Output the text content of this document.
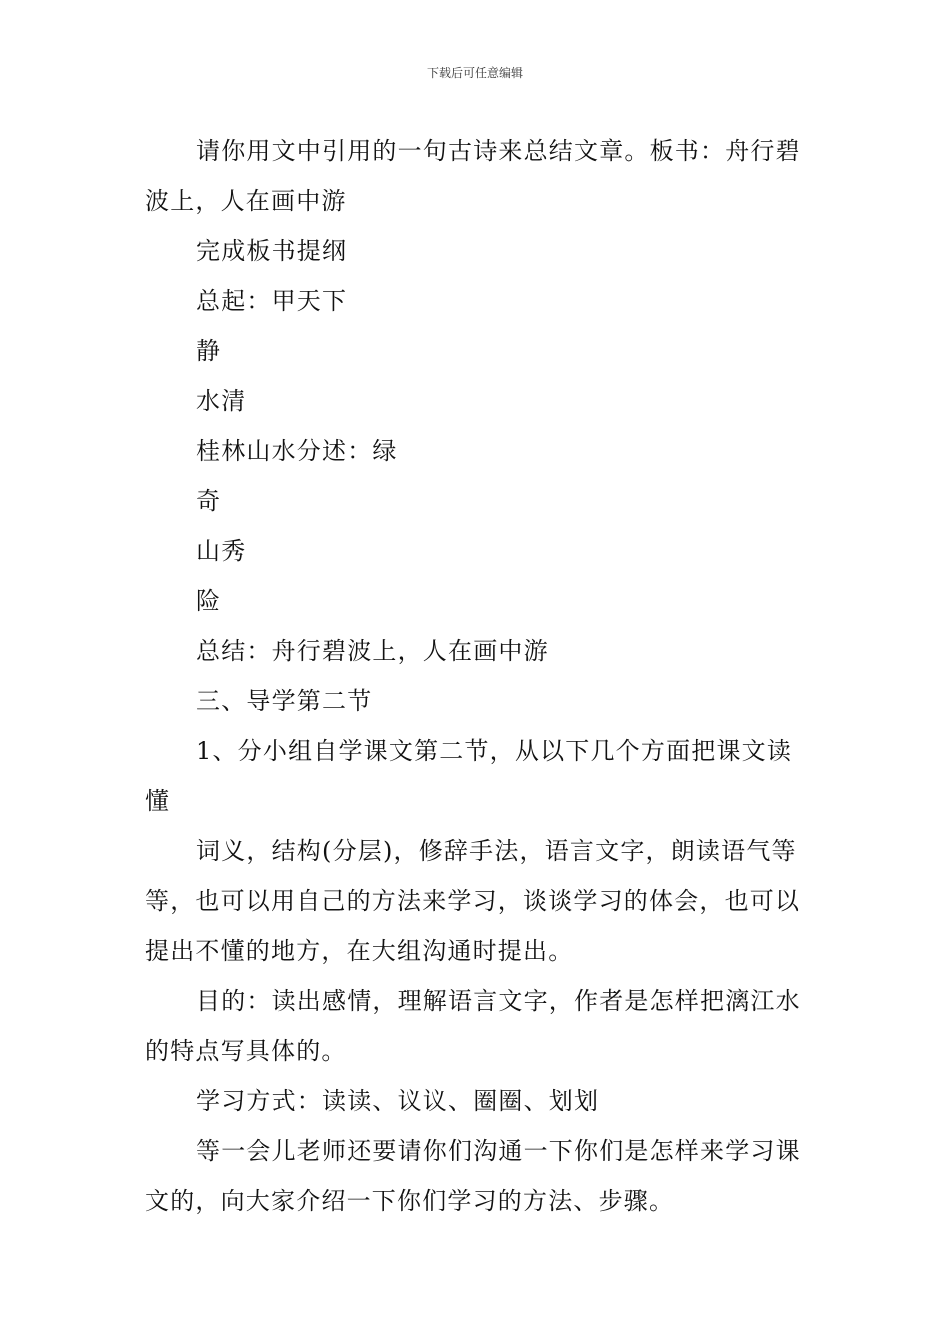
下载后可任意编辑

请你用文中引用的一句古诗来总结文章。板书：舟行碧波上，人在画中游

完成板书提纲

总起：甲天下

静

水清

桂林山水分述：绿

奇

山秀

险

总结：舟行碧波上，人在画中游

三、导学第二节

1、分小组自学课文第二节，从以下几个方面把课文读懂

词义，结构(分层)，修辞手法，语言文字，朗读语气等等，也可以用自己的方法来学习，谈谈学习的体会，也可以提出不懂的地方，在大组沟通时提出。

目的：读出感情，理解语言文字，作者是怎样把漓江水的特点写具体的。

学习方式：读读、议议、圈圈、划划

等一会儿老师还要请你们沟通一下你们是怎样来学习课文的，向大家介绍一下你们学习的方法、步骤。
